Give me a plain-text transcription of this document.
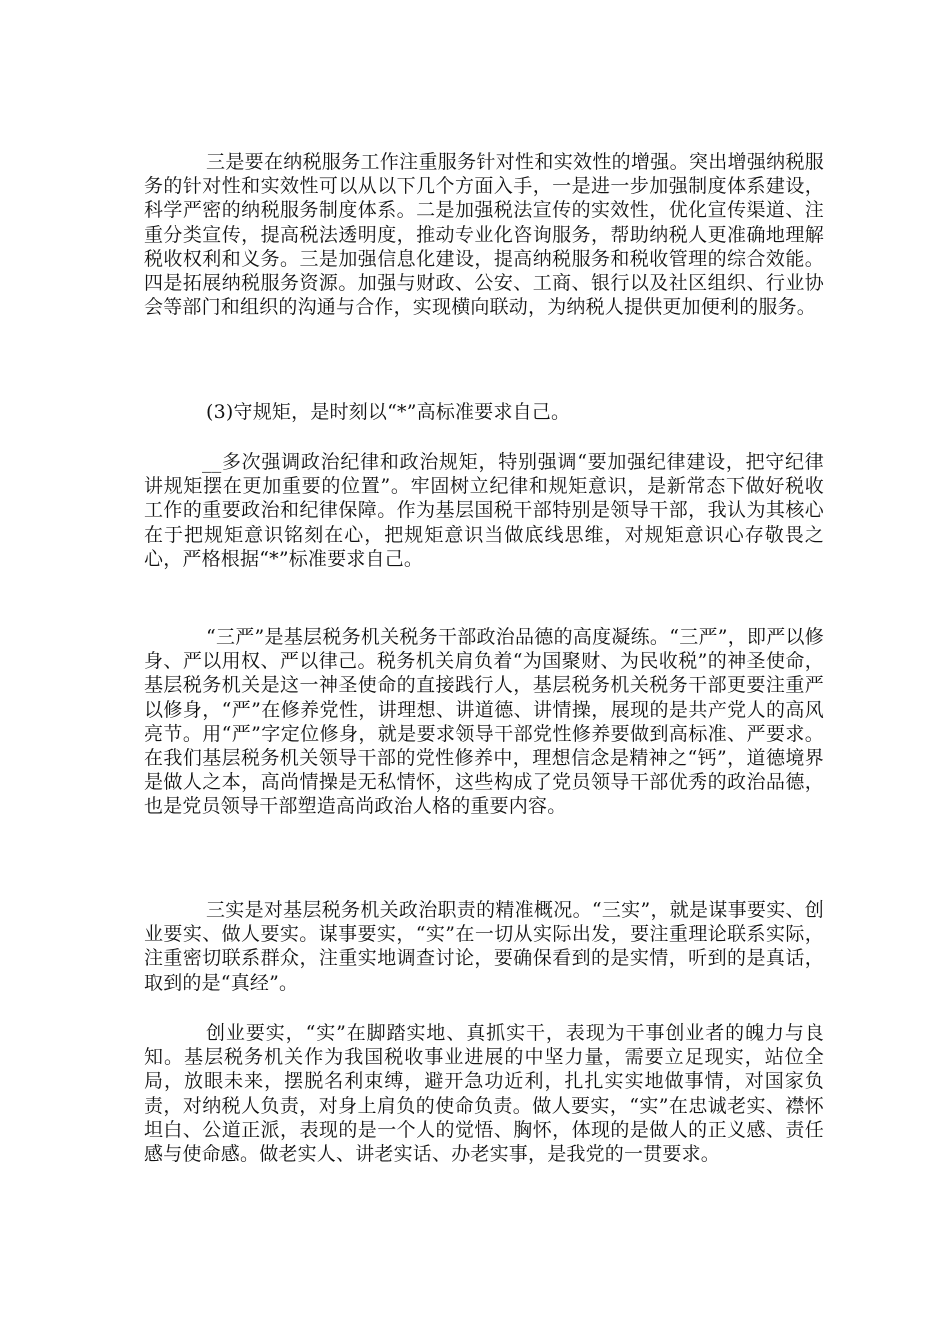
三是要在纳税服务工作注重服务针对性和实效性的增强。突出增强纳税服务的针对性和实效性可以从以下几个方面入手，一是进一步加强制度体系建设，科学严密的纳税服务制度体系。二是加强税法宣传的实效性，优化宣传渠道、注重分类宣传，提高税法透明度，推动专业化咨询服务，帮助纳税人更准确地理解税收权利和义务。三是加强信息化建设，提高纳税服务和税收管理的综合效能。四是拓展纳税服务资源。加强与财政、公安、工商、银行以及社区组织、行业协会等部门和组织的沟通与合作，实现横向联动，为纳税人提供更加便利的服务。

(3)守规矩，是时刻以“*”高标准要求自己。

__多次强调政治纪律和政治规矩，特别强调“要加强纪律建设，把守纪律讲规矩摆在更加重要的位置”。牢固树立纪律和规矩意识，是新常态下做好税收工作的重要政治和纪律保障。作为基层国税干部特别是领导干部，我认为其核心在于把规矩意识铭刻在心，把规矩意识当做底线思维，对规矩意识心存敬畏之心，严格根据“*”标准要求自己。

“三严”是基层税务机关税务干部政治品德的高度凝练。“三严”，即严以修身、严以用权、严以律己。税务机关肩负着“为国聚财、为民收税”的神圣使命，基层税务机关是这一神圣使命的直接践行人，基层税务机关税务干部更要注重严以修身，“严”在修养党性，讲理想、讲道德、讲情操，展现的是共产党人的高风亮节。用“严”字定位修身，就是要求领导干部党性修养要做到高标准、严要求。在我们基层税务机关领导干部的党性修养中，理想信念是精神之“钙”，道德境界是做人之本，高尚情操是无私情怀，这些构成了党员领导干部优秀的政治品德，也是党员领导干部塑造高尚政治人格的重要内容。

三实是对基层税务机关政治职责的精准概况。“三实”，就是谋事要实、创业要实、做人要实。谋事要实，“实”在一切从实际出发，要注重理论联系实际，注重密切联系群众，注重实地调查讨论，要确保看到的是实情，听到的是真话，取到的是“真经”。

创业要实，“实”在脚踏实地、真抓实干，表现为干事创业者的魄力与良知。基层税务机关作为我国税收事业进展的中坚力量，需要立足现实，站位全局，放眼未来，摆脱名利束缚，避开急功近利，扎扎实实地做事情，对国家负责，对纳税人负责，对身上肩负的使命负责。做人要实，“实”在忠诚老实、襟怀坦白、公道正派，表现的是一个人的觉悟、胸怀，体现的是做人的正义感、责任感与使命感。做老实人、讲老实话、办老实事，是我党的一贯要求。
